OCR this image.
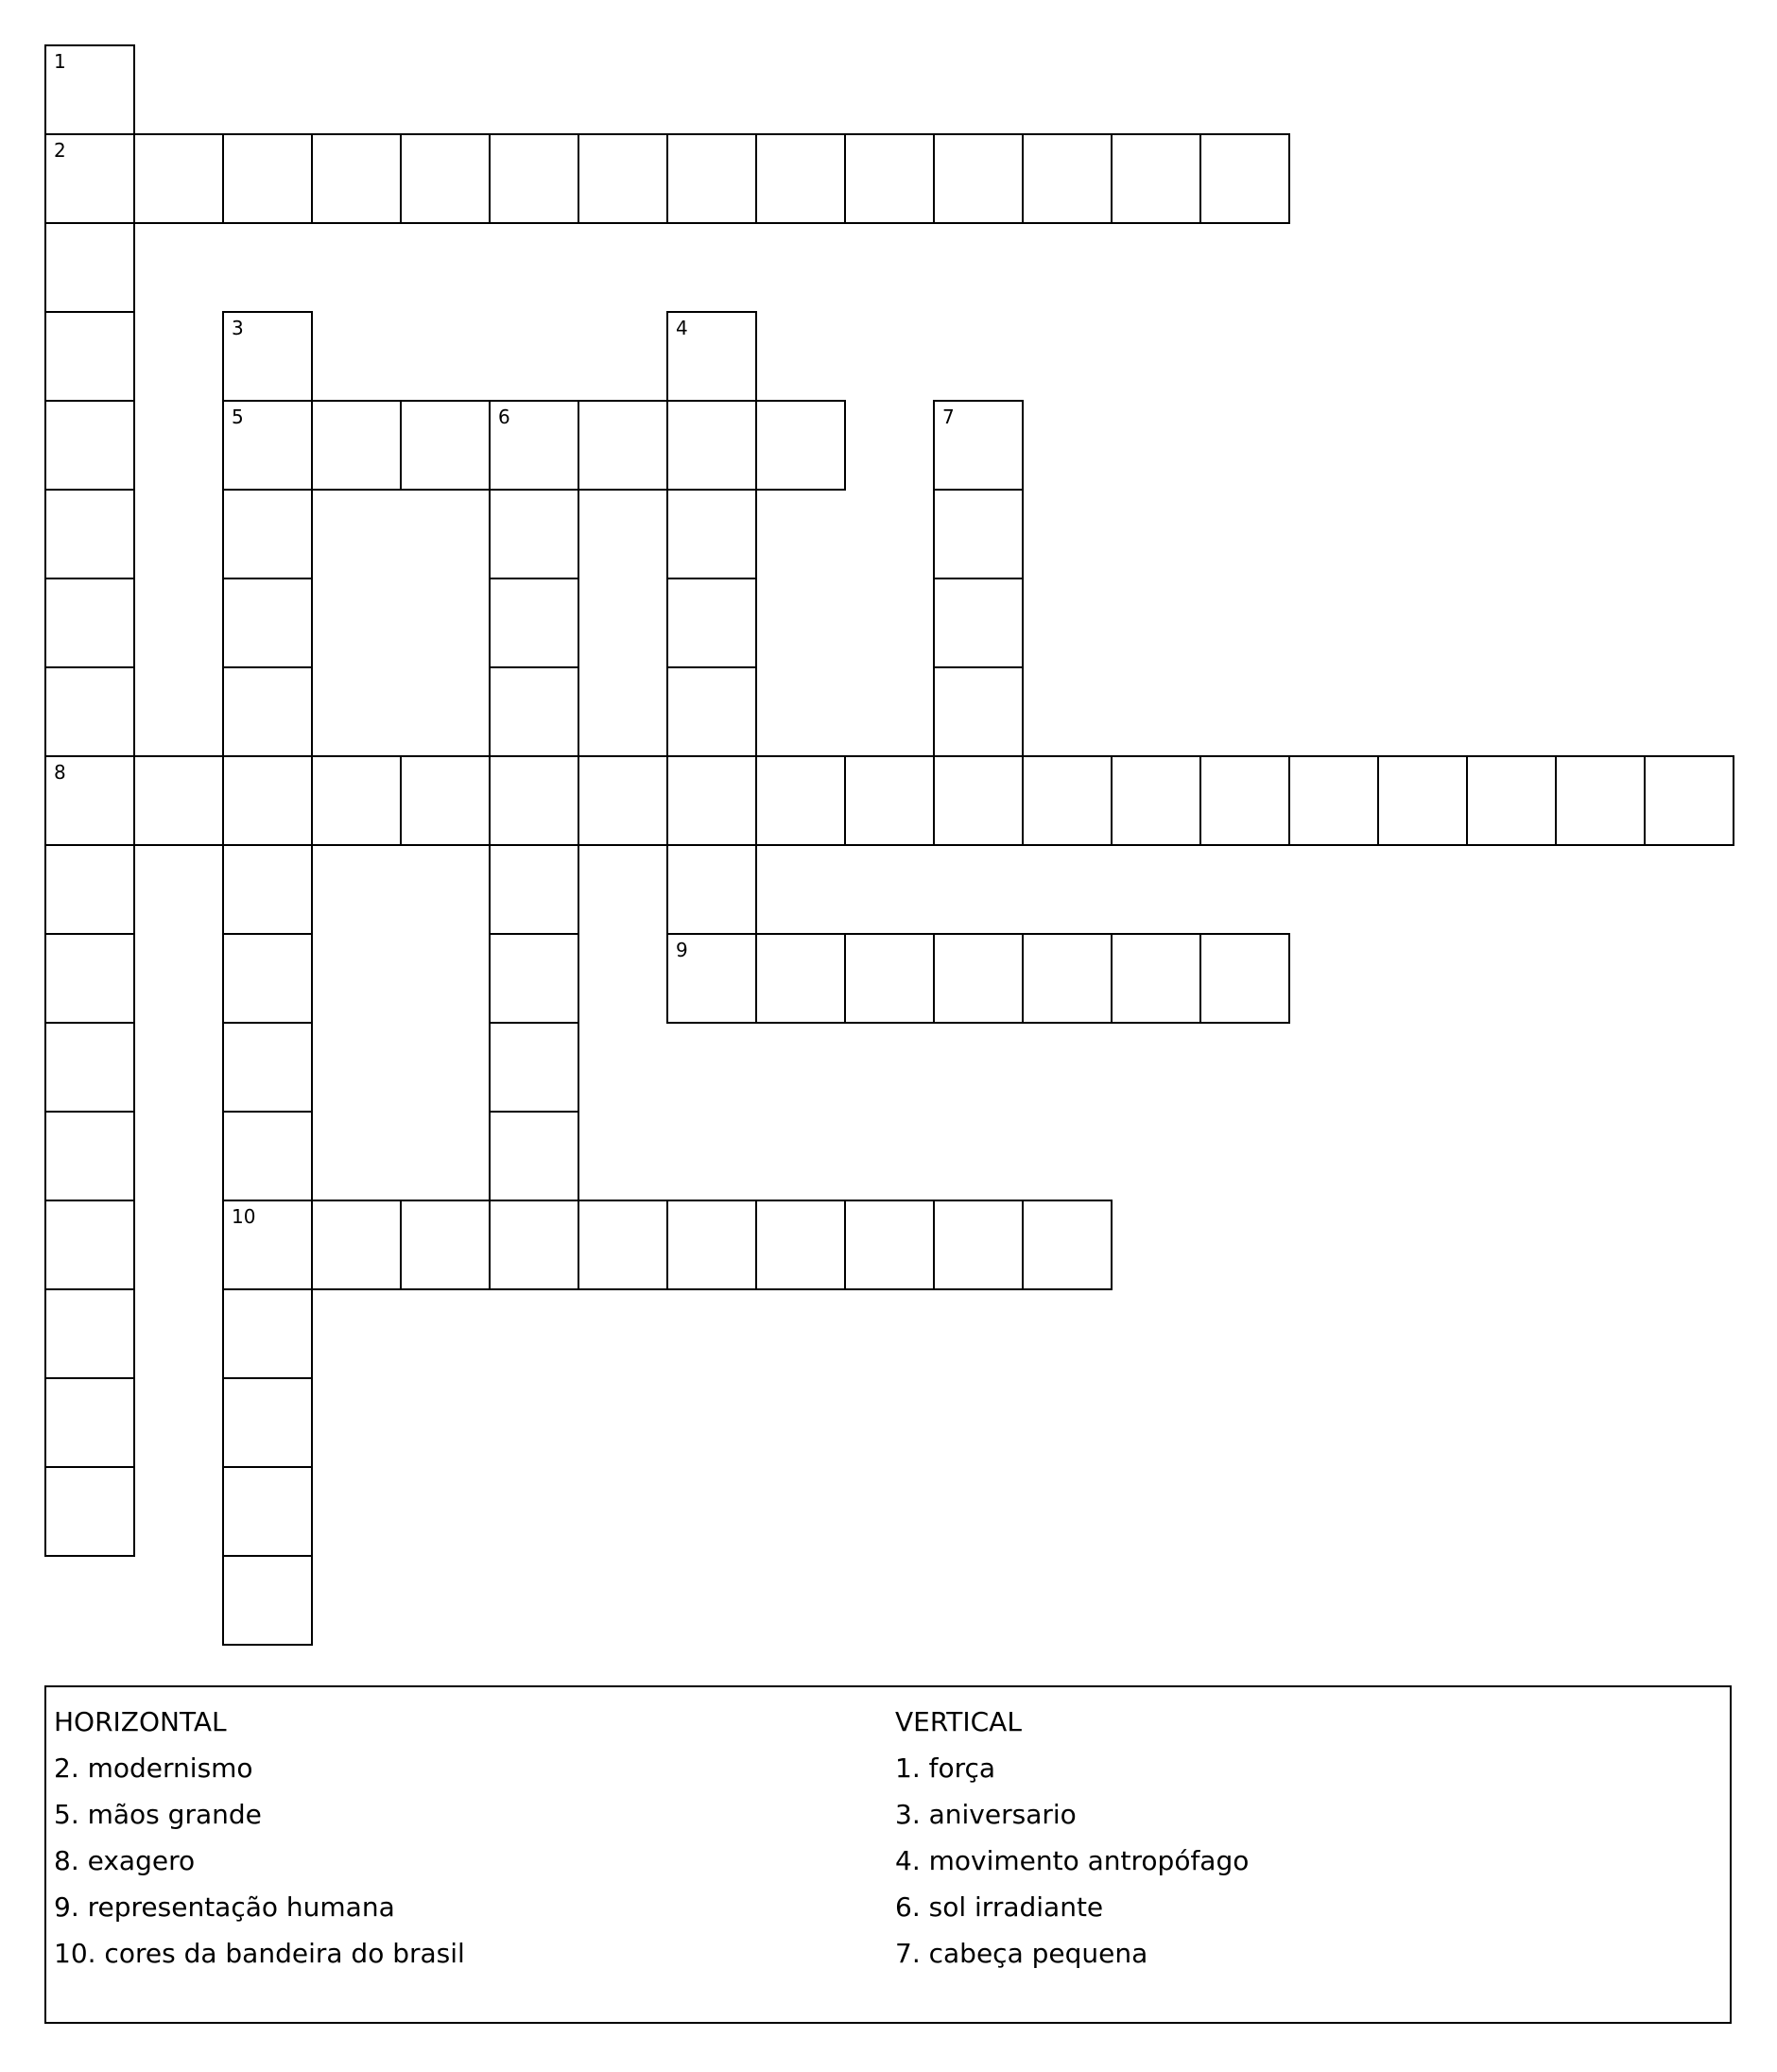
1
2
3	4
5	6	7
8
9
10
HORIZONTAL
2. modernismo
5. mãos grande
8. exagero
9. representação humana
10. cores da bandeira do brasil
VERTICAL
1. força
3. aniversario
4. movimento antropófago
6. sol irradiante
7. cabeça pequena
